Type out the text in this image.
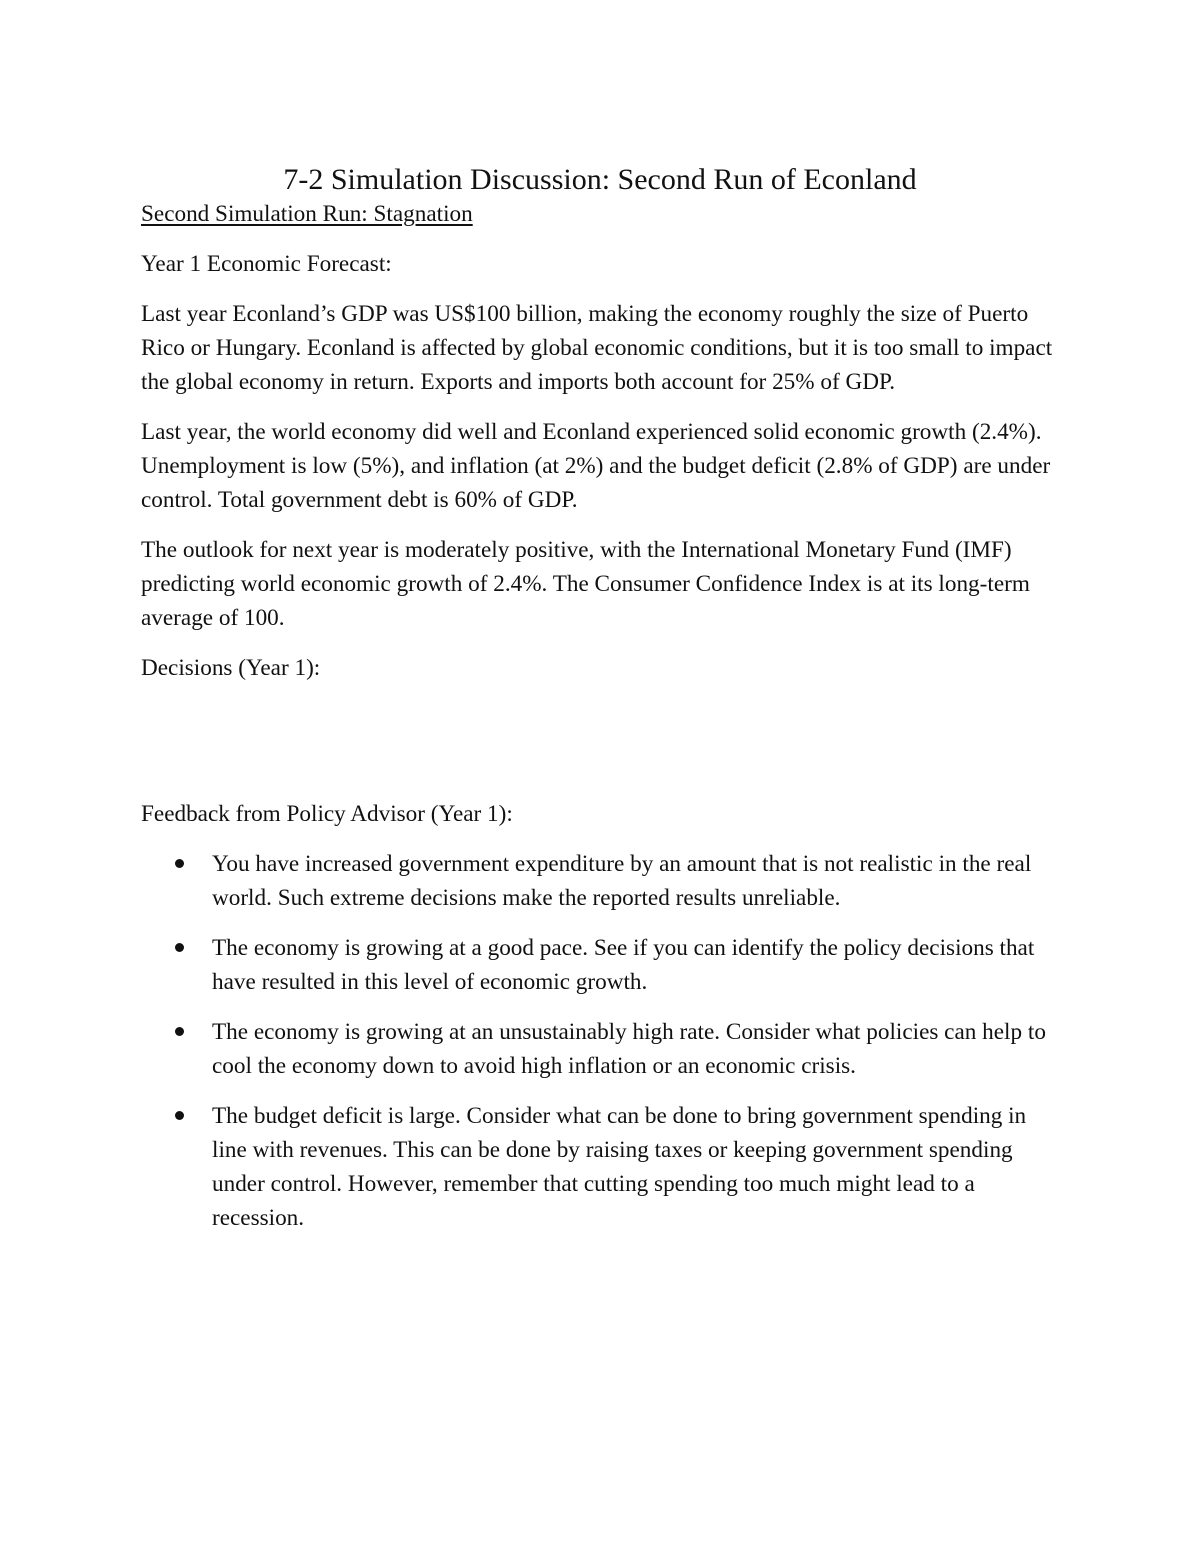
7-2 Simulation Discussion: Second Run of Econland

Second Simulation Run: Stagnation

Year 1 Economic Forecast:

Last year Econland’s GDP was US$100 billion, making the economy roughly the size of Puerto Rico or Hungary. Econland is affected by global economic conditions, but it is too small to impact the global economy in return. Exports and imports both account for 25% of GDP.

Last year, the world economy did well and Econland experienced solid economic growth (2.4%). Unemployment is low (5%), and inflation (at 2%) and the budget deficit (2.8% of GDP) are under control. Total government debt is 60% of GDP.

The outlook for next year is moderately positive, with the International Monetary Fund (IMF) predicting world economic growth of 2.4%. The Consumer Confidence Index is at its long-term average of 100.

Decisions (Year 1):

Feedback from Policy Advisor (Year 1):

You have increased government expenditure by an amount that is not realistic in the real world. Such extreme decisions make the reported results unreliable.
The economy is growing at a good pace. See if you can identify the policy decisions that have resulted in this level of economic growth.
The economy is growing at an unsustainably high rate. Consider what policies can help to cool the economy down to avoid high inflation or an economic crisis.
The budget deficit is large. Consider what can be done to bring government spending in line with revenues. This can be done by raising taxes or keeping government spending under control. However, remember that cutting spending too much might lead to a recession.
